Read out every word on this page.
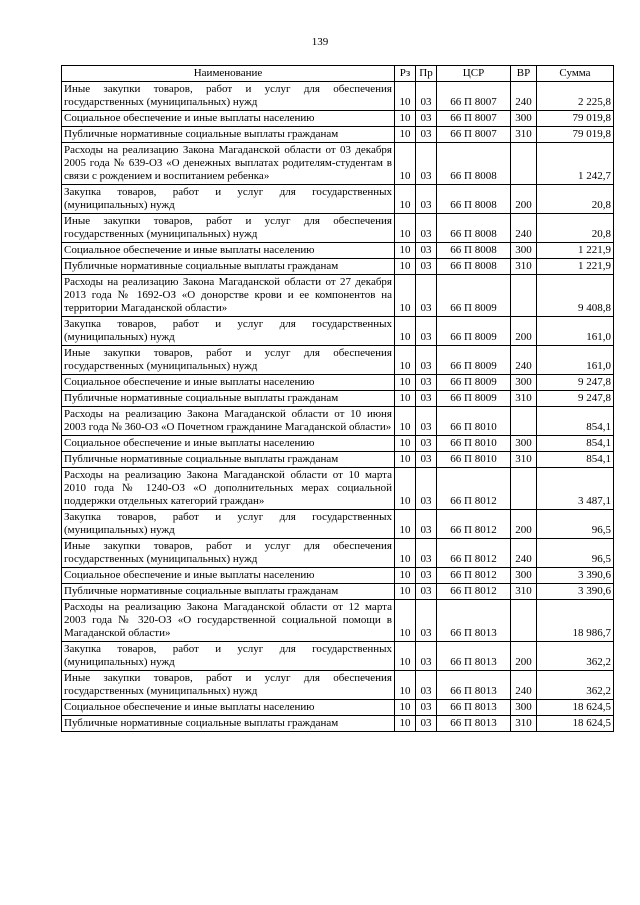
139
Наименование	Рз	Пр	ЦСР	ВР	Сумма
Иные закупки товаров, работ и услуг для обеспечения государственных (муниципальных) нужд	10	03	66 П 8007	240	2 225,8
Социальное обеспечение и иные выплаты населению	10	03	66 П 8007	300	79 019,8
Публичные нормативные социальные выплаты гражданам	10	03	66 П 8007	310	79 019,8
Расходы на реализацию Закона Магаданской области от 03 декабря 2005 года № 639-ОЗ «О денежных выплатах родителям-студентам в связи с рождением и воспитанием ребенка»	10	03	66 П 8008		1 242,7
Закупка товаров, работ и услуг для государственных (муниципальных) нужд	10	03	66 П 8008	200	20,8
Иные закупки товаров, работ и услуг для обеспечения государственных (муниципальных) нужд	10	03	66 П 8008	240	20,8
Социальное обеспечение и иные выплаты населению	10	03	66 П 8008	300	1 221,9
Публичные нормативные социальные выплаты гражданам	10	03	66 П 8008	310	1 221,9
Расходы на реализацию Закона Магаданской области от 27 декабря 2013 года № 1692-ОЗ «О донорстве крови и ее компонентов на территории Магаданской области»	10	03	66 П 8009		9 408,8
Закупка товаров, работ и услуг для государственных (муниципальных) нужд	10	03	66 П 8009	200	161,0
Иные закупки товаров, работ и услуг для обеспечения государственных (муниципальных) нужд	10	03	66 П 8009	240	161,0
Социальное обеспечение и иные выплаты населению	10	03	66 П 8009	300	9 247,8
Публичные нормативные социальные выплаты гражданам	10	03	66 П 8009	310	9 247,8
Расходы на реализацию Закона Магаданской области от 10 июня 2003 года № 360-ОЗ «О Почетном гражданине Магаданской области»	10	03	66 П 8010		854,1
Социальное обеспечение и иные выплаты населению	10	03	66 П 8010	300	854,1
Публичные нормативные социальные выплаты гражданам	10	03	66 П 8010	310	854,1
Расходы на реализацию Закона Магаданской области от 10 марта 2010 года № 1240-ОЗ «О дополнительных мерах социальной поддержки отдельных категорий граждан»	10	03	66 П 8012		3 487,1
Закупка товаров, работ и услуг для государственных (муниципальных) нужд	10	03	66 П 8012	200	96,5
Иные закупки товаров, работ и услуг для обеспечения государственных (муниципальных) нужд	10	03	66 П 8012	240	96,5
Социальное обеспечение и иные выплаты населению	10	03	66 П 8012	300	3 390,6
Публичные нормативные социальные выплаты гражданам	10	03	66 П 8012	310	3 390,6
Расходы на реализацию Закона Магаданской области от 12 марта 2003 года № 320-ОЗ «О государственной социальной помощи в Магаданской области»	10	03	66 П 8013		18 986,7
Закупка товаров, работ и услуг для государственных (муниципальных) нужд	10	03	66 П 8013	200	362,2
Иные закупки товаров, работ и услуг для обеспечения государственных (муниципальных) нужд	10	03	66 П 8013	240	362,2
Социальное обеспечение и иные выплаты населению	10	03	66 П 8013	300	18 624,5
Публичные нормативные социальные выплаты гражданам	10	03	66 П 8013	310	18 624,5
